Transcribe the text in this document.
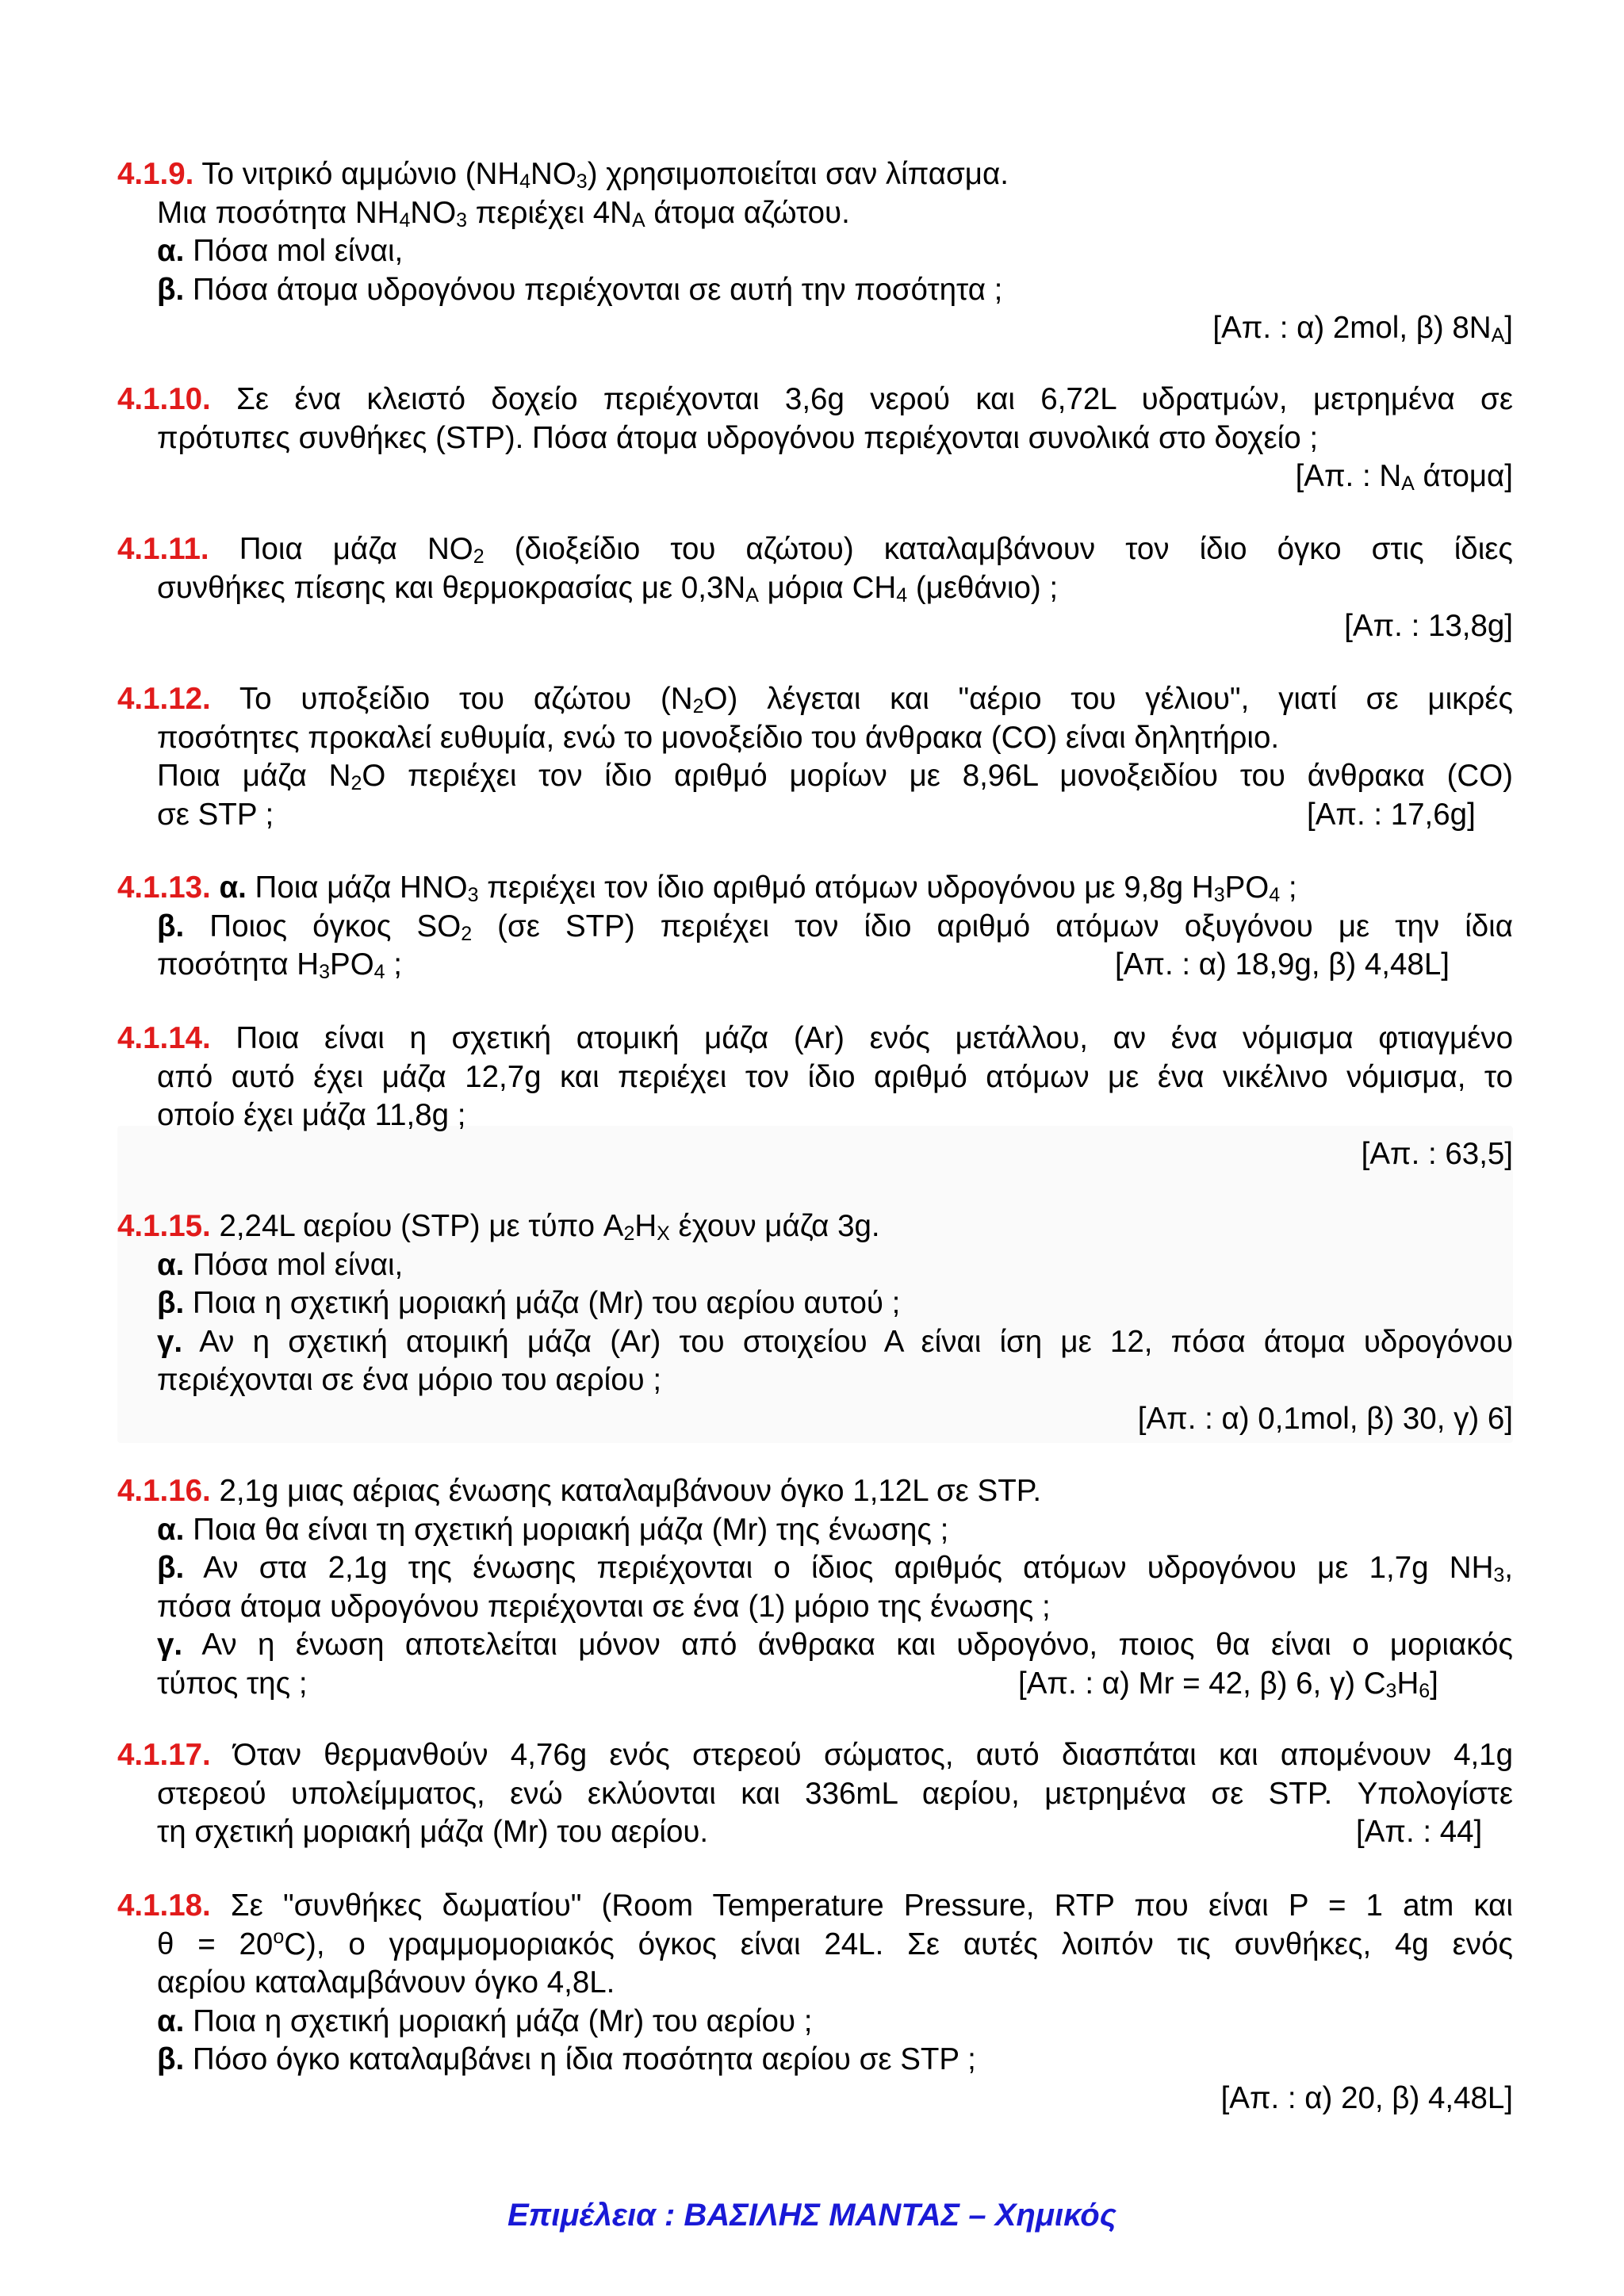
4.1.9. Το νιτρικό αμμώνιο $(NH_4NO_3)$ χρησιμοποιείται σαν λίπασμα.
Μια ποσότητα $NH_4NO_3$ περιέχει $4N_A$ άτομα αζώτου.
α. Πόσα mol είναι,
β. Πόσα άτομα υδρογόνου περιέχονται σε αυτή την ποσότητα ;
[Απ. : α) 2mol, β) $8N_A$]
4.1.10. Σε ένα κλειστό δοχείο περιέχονται 3,6g νερού και 6,72L υδρατμών, μετρημένα σε
πρότυπες συνθήκες (STP). Πόσα άτομα υδρογόνου περιέχονται συνολικά στο δοχείο ;
[Απ. : $N_A$ άτομα]
4.1.11. Ποια μάζα $NO_2$ (διοξείδιο του αζώτου) καταλαμβάνουν τον ίδιο όγκο στις ίδιες
συνθήκες πίεσης και θερμοκρασίας με $0,3N_A$ μόρια $CH_4$ (μεθάνιο) ;
[Απ. : 13,8g]
4.1.12. Το υποξείδιο του αζώτου $(N_2O)$ λέγεται και "αέριο του γέλιου", γιατί σε μικρές
ποσότητες προκαλεί ευθυμία, ενώ το μονοξείδιο του άνθρακα (CO) είναι δηλητήριο.
Ποια μάζα $N_2O$ περιέχει τον ίδιο αριθμό μορίων με 8,96L μονοξειδίου του άνθρακα (CO)
σε STP ;	[Απ. : 17,6g]
4.1.13. α. Ποια μάζα $HNO_3$ περιέχει τον ίδιο αριθμό ατόμων υδρογόνου με 9,8g $H_3PO_4$ ;
β. Ποιος όγκος $SO_2$ (σε STP) περιέχει τον ίδιο αριθμό ατόμων οξυγόνου με την ίδια
ποσότητα $H_3PO_4$ ;	[Απ. : α) 18,9g, β) 4,48L]
4.1.14. Ποια είναι η σχετική ατομική μάζα (Ar) ενός μετάλλου, αν ένα νόμισμα φτιαγμένο
από αυτό έχει μάζα 12,7g και περιέχει τον ίδιο αριθμό ατόμων με ένα νικέλινο νόμισμα, το
οποίο έχει μάζα 11,8g ;
[Απ. : 63,5]
4.1.15. 2,24L αερίου (STP) με τύπο $A_2H_X$ έχουν μάζα 3g.
α. Πόσα mol είναι,
β. Ποια η σχετική μοριακή μάζα (Mr) του αερίου αυτού ;
γ. Αν η σχετική ατομική μάζα (Ar) του στοιχείου Α είναι ίση με 12, πόσα άτομα υδρογόνου
περιέχονται σε ένα μόριο του αερίου ;
[Απ. : α) 0,1mol, β) 30, γ) 6]
4.1.16. 2,1g μιας αέριας ένωσης καταλαμβάνουν όγκο 1,12L σε STP.
α. Ποια θα είναι τη σχετική μοριακή μάζα (Mr) της ένωσης ;
β. Αν στα 2,1g της ένωσης περιέχονται ο ίδιος αριθμός ατόμων υδρογόνου με 1,7g $NH_3$,
πόσα άτομα υδρογόνου περιέχονται σε ένα (1) μόριο της ένωσης ;
γ. Αν η ένωση αποτελείται μόνον από άνθρακα και υδρογόνο, ποιος θα είναι ο μοριακός
τύπος της ;	[Απ. : α) Mr = 42, β) 6, γ) $C_3H_6$]
4.1.17. Όταν θερμανθούν 4,76g ενός στερεού σώματος, αυτό διασπάται και απομένουν 4,1g
στερεού υπολείμματος, ενώ εκλύονται και 336mL αερίου, μετρημένα σε STP. Υπολογίστε
τη σχετική μοριακή μάζα (Mr) του αερίου.	[Απ. : 44]
4.1.18. Σε "συνθήκες δωματίου" (Room Temperature Pressure, RTP που είναι P = 1 atm και
$\theta = 20^oC$), ο γραμμομοριακός όγκος είναι 24L. Σε αυτές λοιπόν τις συνθήκες, 4g ενός
αερίου καταλαμβάνουν όγκο 4,8L.
α. Ποια η σχετική μοριακή μάζα (Mr) του αερίου ;
β. Πόσο όγκο καταλαμβάνει η ίδια ποσότητα αερίου σε STP ;
[Απ. : α) 20, β) 4,48L]
Επιμέλεια : ΒΑΣΙΛΗΣ ΜΑΝΤΑΣ – Χημικός
